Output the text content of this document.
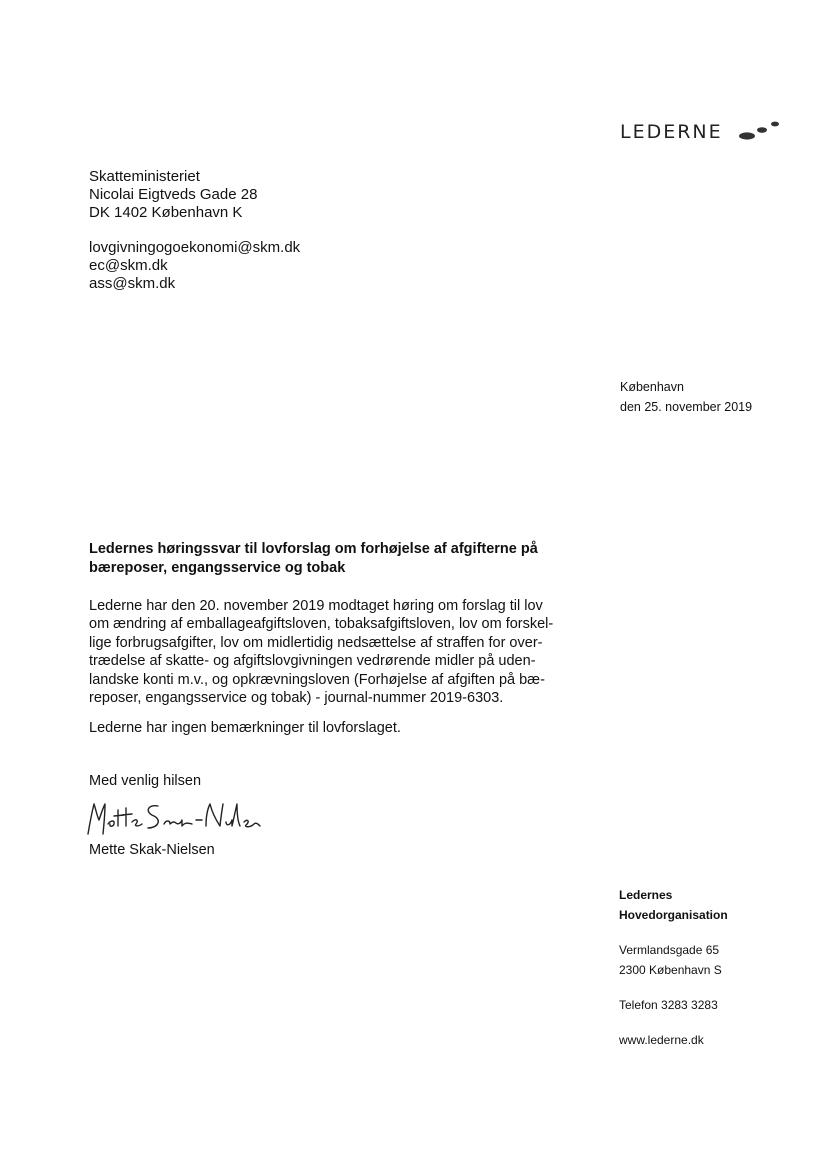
LEDERNE
Skatteministeriet
Nicolai Eigtveds Gade 28
DK 1402 København K
lovgivningogoekonomi@skm.dk
ec@skm.dk
ass@skm.dk
København
den 25. november 2019
Ledernes høringssvar til lovforslag om forhøjelse af afgifterne på
bæreposer, engangsservice og tobak
Lederne har den 20. november 2019 modtaget høring om forslag til lov
om ændring af emballageafgiftsloven, tobaksafgiftsloven, lov om forskel-
lige forbrugsafgifter, lov om midlertidig nedsættelse af straffen for over-
trædelse af skatte- og afgiftslovgivningen vedrørende midler på uden-
landske konti m.v., og opkrævningsloven (Forhøjelse af afgiften på bæ-
reposer, engangsservice og tobak) - journal-nummer 2019-6303.
Lederne har ingen bemærkninger til lovforslaget.
Med venlig hilsen
Mette Skak-Nielsen
Ledernes
Hovedorganisation
Vermlandsgade 65
2300 København S
Telefon 3283 3283
www.lederne.dk
